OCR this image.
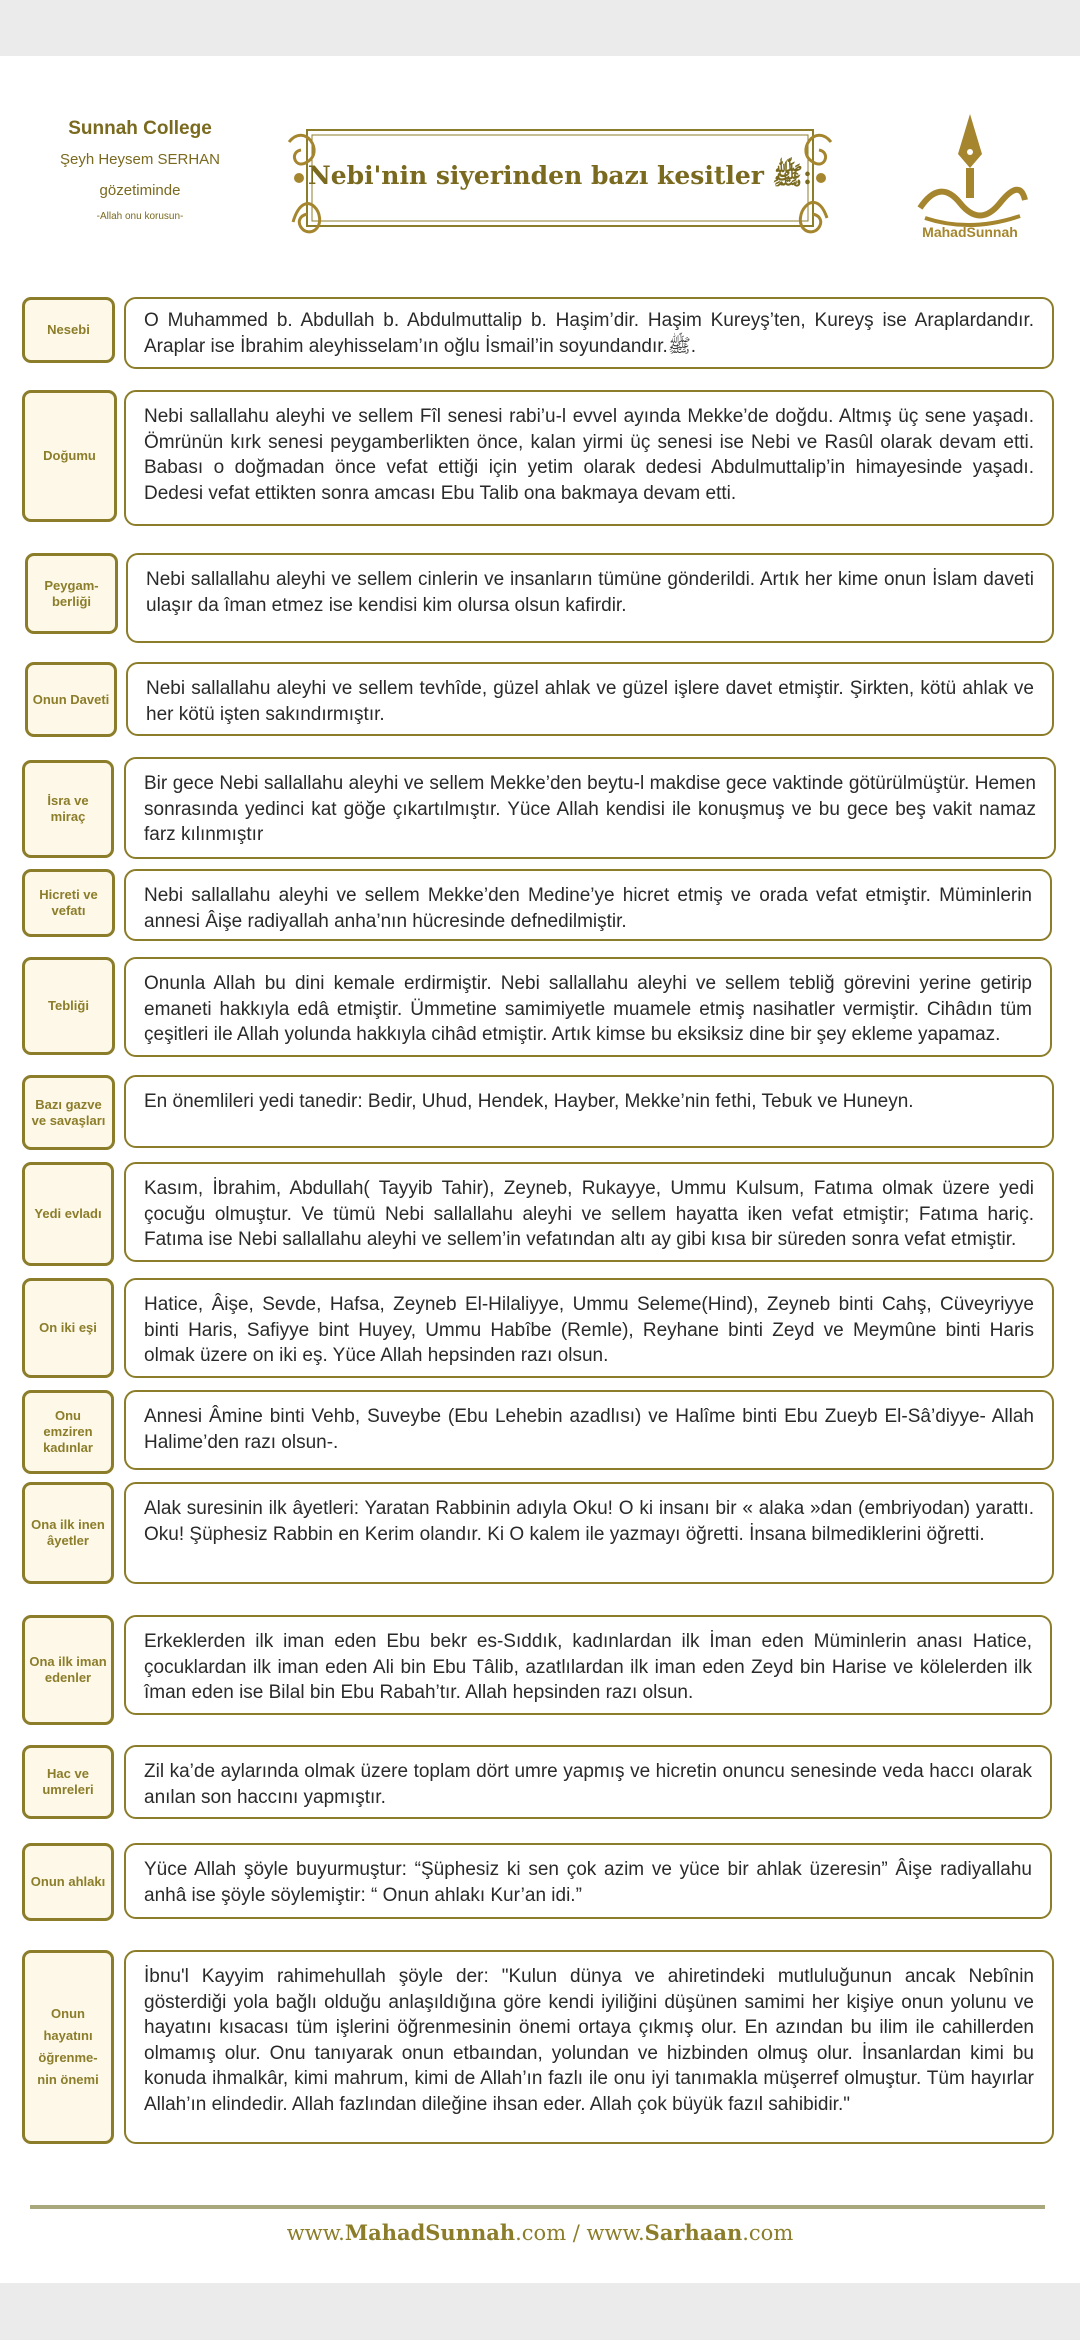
Sunnah College
Şeyh Heysem SERHAN
gözetiminde
-Allah onu korusun-
Nebi'nin siyerinden bazı kesitler ﷺ:
MahadSunnah
Nesebi	O Muhammed b. Abdullah b. Abdulmuttalip b. Haşim’dir. Haşim Kureyş’ten, Kureyş ise Araplardandır. Araplar ise İbrahim aleyhisselam’ın oğlu İsmail’in soyundandır.ﷺ.
Doğumu
Nebi sallallahu aleyhi ve sellem Fîl senesi rabi’u-l evvel ayında Mekke’de doğdu. Altmış üç sene yaşadı. Ömrünün kırk senesi peygamberlikten önce, kalan yirmi üç senesi ise Nebi ve Rasûl olarak devam etti. Babası o doğmadan önce vefat ettiği için yetim olarak dedesi Abdulmuttalip’in himayesinde yaşadı. Dedesi vefat ettikten sonra amcası Ebu Talib ona bakmaya devam etti.
Peygam-berliği
Nebi sallallahu aleyhi ve sellem cinlerin ve insanların tümüne gönderildi. Artık her kime onun İslam daveti ulaşır da îman etmez ise kendisi kim olursa olsun kafirdir.
Onun Daveti	Nebi sallallahu aleyhi ve sellem tevhîde, güzel ahlak ve güzel işlere davet etmiştir. Şirkten, kötü ahlak ve her kötü işten sakındırmıştır.
İsra ve miraç
Bir gece Nebi sallallahu aleyhi ve sellem Mekke’den beytu-l makdise gece vaktinde götürülmüştür. Hemen sonrasında yedinci kat göğe çıkartılmıştır. Yüce Allah kendisi ile konuşmuş ve bu gece beş vakit namaz farz kılınmıştır
Hicreti ve vefatı
Nebi sallallahu aleyhi ve sellem Mekke’den Medine’ye hicret etmiş ve orada vefat etmiştir. Müminlerin annesi Âişe radiyallah anha’nın hücresinde defnedilmiştir.
Tebliği
Onunla Allah bu dini kemale erdirmiştir. Nebi sallallahu aleyhi ve sellem tebliğ görevini yerine getirip emaneti hakkıyla edâ etmiştir. Ümmetine samimiyetle muamele etmiş nasihatler vermiştir. Cihâdın tüm çeşitleri ile Allah yolunda hakkıyla cihâd etmiştir. Artık kimse bu eksiksiz dine bir şey ekleme yapamaz.
Bazı gazve ve savaşları
En önemlileri yedi tanedir: Bedir, Uhud, Hendek, Hayber, Mekke’nin fethi, Tebuk ve Huneyn.
Yedi evladı
Kasım, İbrahim, Abdullah( Tayyib Tahir), Zeyneb, Rukayye, Ummu Kulsum, Fatıma olmak üzere yedi çocuğu olmuştur. Ve tümü Nebi sallallahu aleyhi ve sellem hayatta iken vefat etmiştir; Fatıma hariç. Fatıma ise Nebi sallallahu aleyhi ve sellem’in vefatından altı ay gibi kısa bir süreden sonra vefat etmiştir.
On iki eşi
Hatice, Âişe, Sevde, Hafsa, Zeyneb El-Hilaliyye, Ummu Seleme(Hind), Zeyneb binti Cahş, Cüveyriyye binti Haris, Safiyye bint Huyey, Ummu Habîbe (Remle), Reyhane binti Zeyd ve Meymûne binti Haris olmak üzere on iki eş. Yüce Allah hepsinden razı olsun.
Onu emziren kadınlar
Annesi Âmine binti Vehb, Suveybe (Ebu Lehebin azadlısı) ve Halîme binti Ebu Zueyb El-Sâ’diyye- Allah Halime’den razı olsun-.
Ona ilk inen âyetler
Alak suresinin ilk âyetleri: Yaratan Rabbinin adıyla Oku! O ki insanı bir « alaka »dan (embriyodan) yarattı. Oku! Şüphesiz Rabbin en Kerim olandır. Ki O kalem ile yazmayı öğretti. İnsana bilmediklerini öğretti.
Ona ilk iman edenler
Erkeklerden ilk iman eden Ebu bekr es-Sıddık, kadınlardan ilk İman eden Müminlerin anası Hatice, çocuklardan ilk iman eden Ali bin Ebu Tâlib, azatlılardan ilk iman eden Zeyd bin Harise ve kölelerden ilk îman eden ise Bilal bin Ebu Rabah’tır. Allah hepsinden razı olsun.
Hac ve umreleri
Zil ka’de aylarında olmak üzere toplam dört umre yapmış ve hicretin onuncu senesinde veda haccı olarak anılan son haccını yapmıştır.
Onun ahlakı
Yüce Allah şöyle buyurmuştur: “Şüphesiz ki sen çok azim ve yüce bir ahlak üzeresin” Âişe radiyallahu anhâ ise şöyle söylemiştir: “ Onun ahlakı Kur’an idi.”
Onun hayatını öğrenme-nin önemi
İbnu'l Kayyim rahimehullah şöyle der: "Kulun dünya ve ahiretindeki mutluluğunun ancak Nebînin gösterdiği yola bağlı olduğu anlaşıldığına göre kendi iyiliğini düşünen samimi her kişiye onun yolunu ve hayatını kısacası tüm işlerini öğrenmesinin önemi ortaya çıkmış olur. En azından bu ilim ile cahillerden olmamış olur. Onu tanıyarak onun etbaından, yolundan ve hizbinden olmuş olur. İnsanlardan kimi bu konuda ihmalkâr, kimi mahrum, kimi de Allah’ın fazlı ile onu iyi tanımakla müşerref olmuştur. Tüm hayırlar Allah’ın elindedir. Allah fazlından dileğine ihsan eder. Allah çok büyük fazıl sahibidir."
www.MahadSunnah.com / www.Sarhaan.com
